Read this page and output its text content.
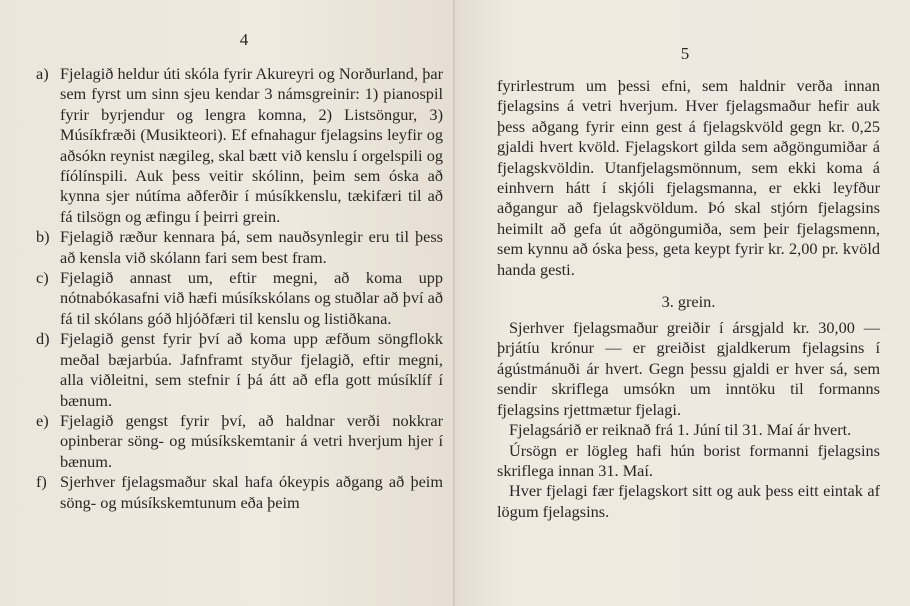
4
a) Fjelagið heldur úti skóla fyrir Akureyri og Norðurland, þar sem fyrst um sinn sjeu kendar 3 námsgreinir: 1) pianospil fyrir byrjendur og lengra komna, 2) Listsöngur, 3) Músíkfræði (Musikteori). Ef efnahagur fjelagsins leyfir og aðsókn reynist nægileg, skal bætt við kenslu í orgelspili og fíólínspili. Auk þess veitir skólinn, þeim sem óska að kynna sjer nútíma aðferðir í músíkkenslu, tækifæri til að fá tilsögn og æfingu í þeirri grein.
b) Fjelagið ræður kennara þá, sem nauðsynlegir eru til þess að kensla við skólann fari sem best fram.
c) Fjelagið annast um, eftir megni, að koma upp nótnabókasafni við hæfi músíkskólans og stuðlar að því að fá til skólans góð hljóðfæri til kenslu og listiðkana.
d) Fjelagið genst fyrir því að koma upp æfðum söngflokk meðal bæjarbúa. Jafnframt styður fjelagið, eftir megni, alla viðleitni, sem stefnir í þá átt að efla gott músíklíf í bænum.
e) Fjelagið gengst fyrir því, að haldnar verði nokkrar opinberar söng- og músíkskemtanir á vetri hverjum hjer í bænum.
f) Sjerhver fjelagsmaður skal hafa ókeypis aðgang að þeim söng- og músíkskemtunum eða þeim
5

fyrirlestrum um þessi efni, sem haldnir verða innan fjelagsins á vetri hverjum. Hver fjelagsmaður hefir auk þess aðgang fyrir einn gest á fjelagskvöld gegn kr. 0,25 gjaldi hvert kvöld. Fjelagskort gilda sem aðgöngumiðar á fjelagskvöldin. Utanfjelagsmönnum, sem ekki koma á einhvern hátt í skjóli fjelagsmanna, er ekki leyfður aðgangur að fjelagskvöldum. Þó skal stjórn fjelagsins heimilt að gefa út aðgöngumiða, sem þeir fjelagsmenn, sem kynnu að óska þess, geta keypt fyrir kr. 2,00 pr. kvöld handa gesti.

3. grein.

Sjerhver fjelagsmaður greiðir í ársgjald kr. 30,00 — þrjátíu krónur — er greiðist gjaldkerum fjelagsins í ágústmánuði ár hvert. Gegn þessu gjaldi er hver sá, sem sendir skriflega umsókn um inntöku til formanns fjelagsins rjettmætur fjelagi.

Fjelagsárið er reiknað frá 1. Júní til 31. Maí ár hvert.

Úrsögn er lögleg hafi hún borist formanni fjelagsins skriflega innan 31. Maí.

Hver fjelagi fær fjelagskort sitt og auk þess eitt eintak af lögum fjelagsins.
